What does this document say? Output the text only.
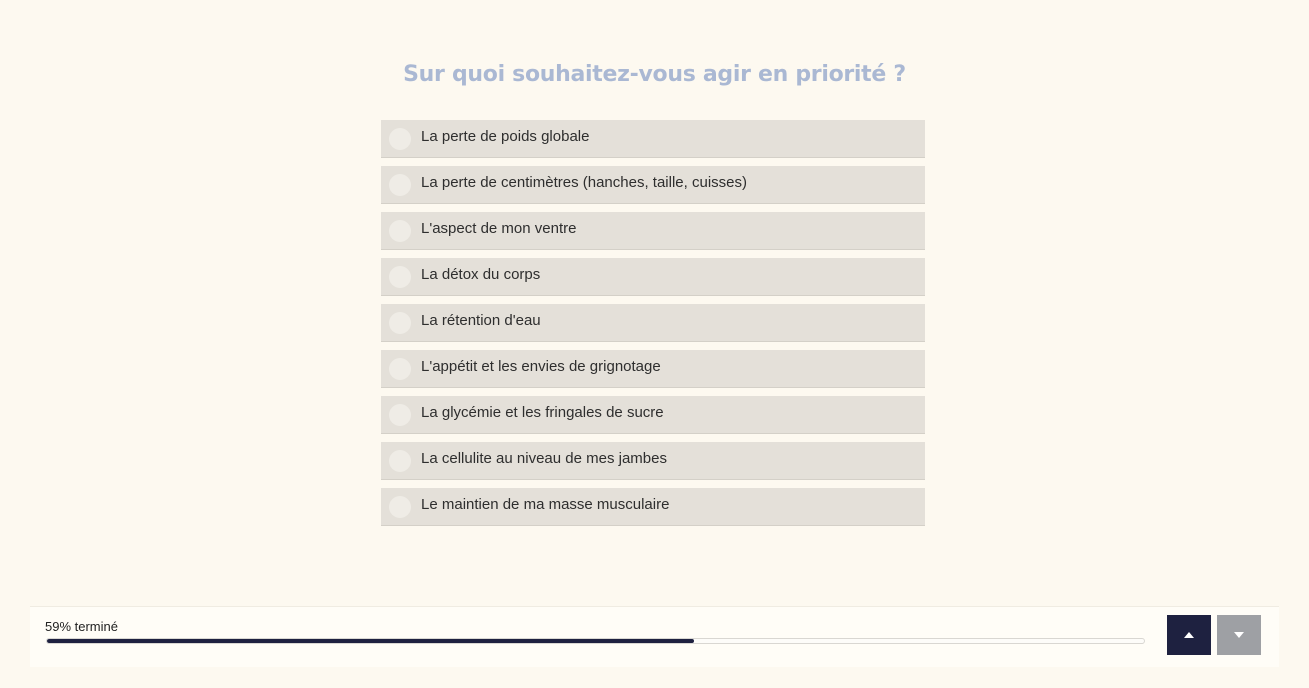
Sur quoi souhaitez-vous agir en priorité ?
La perte de poids globale
La perte de centimètres (hanches, taille, cuisses)
L'aspect de mon ventre
La détox du corps
La rétention d'eau
L'appétit et les envies de grignotage
La glycémie et les fringales de sucre
La cellulite au niveau de mes jambes
Le maintien de ma masse musculaire
59% terminé
